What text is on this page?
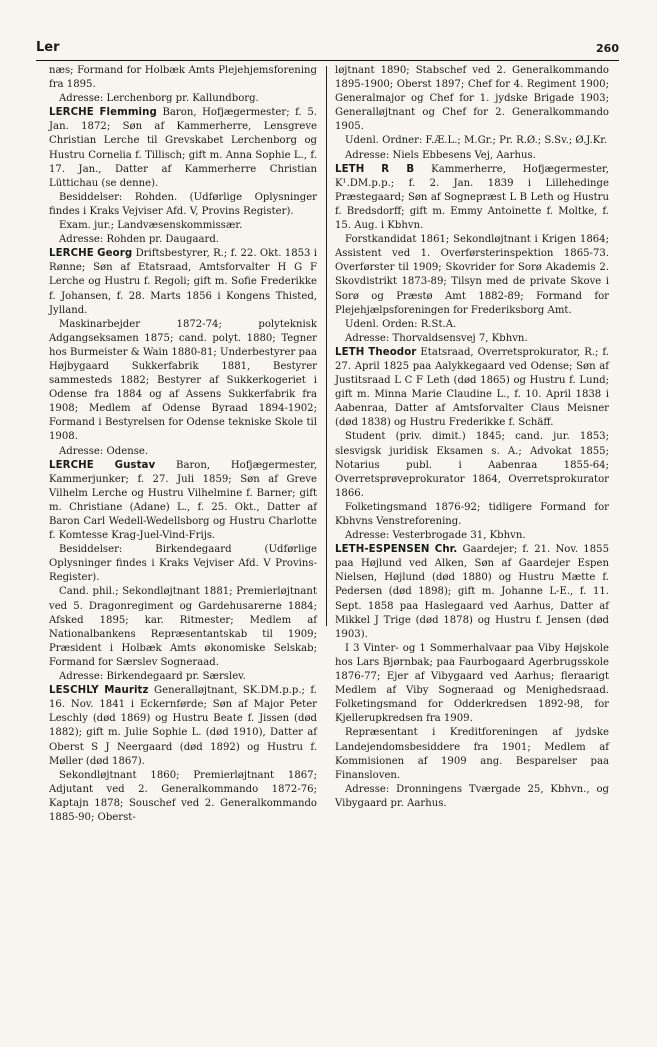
Ler	260

næs; Formand for Holbæk Amts Plejehjemsforening fra 1895.

Adresse: Lerchenborg pr. Kallundborg.

LERCHE Flemming Baron, Hofjægermester; f. 5. Jan. 1872; Søn af Kammerherre, Lensgreve Christian Lerche til Grevskabet Lerchenborg og Hustru Cornelia f. Tillisch; gift m. Anna Sophie L., f. 17. Jan., Datter af Kammerherre Christian Lüttichau (se denne).

Besiddelser: Rohden. (Udførlige Oplysninger findes i Kraks Vejviser Afd. V, Provins Register).

Exam. jur.; Landvæsenskommissær.

Adresse: Rohden pr. Daugaard.

LERCHE Georg Driftsbestyrer, R.; f. 22. Okt. 1853 i Rønne; Søn af Etatsraad, Amtsforvalter H G F Lerche og Hustru f. Regoli; gift m. Sofie Frederikke f. Johansen, f. 28. Marts 1856 i Kongens Thisted, Jylland.

Maskinarbejder 1872-74; polyteknisk Adgangseksamen 1875; cand. polyt. 1880; Tegner hos Burmeister & Wain 1880-81; Underbestyrer paa Højbygaard Sukkerfabrik 1881, Bestyrer sammesteds 1882; Bestyrer af Sukkerkogeriet i Odense fra 1884 og af Assens Sukkerfabrik fra 1908; Medlem af Odense Byraad 1894-1902; Formand i Bestyrelsen for Odense tekniske Skole til 1908.

Adresse: Odense.

LERCHE Gustav Baron, Hofjægermester, Kammerjunker; f. 27. Juli 1859; Søn af Greve Vilhelm Lerche og Hustru Vilhelmine f. Barner; gift m. Christiane (Adane) L., f. 25. Okt., Datter af Baron Carl Wedell-Wedellsborg og Hustru Charlotte f. Komtesse Krag-Juel-Vind-Frijs.

Besiddelser: Birkendegaard (Udførlige Oplysninger findes i Kraks Vejviser Afd. V Provins-Register).

Cand. phil.; Sekondløjtnant 1881; Premierløjtnant ved 5. Dragonregiment og Gardehusarerne 1884; Afsked 1895; kar. Ritmester; Medlem af Nationalbankens Repræsentantskab til 1909; Præsident i Holbæk Amts økonomiske Selskab; Formand for Særslev Sogneraad.

Adresse: Birkendegaard pr. Særslev.

LESCHLY Mauritz Generalløjtnant, SK.DM.p.p.; f. 16. Nov. 1841 i Eckernførde; Søn af Major Peter Leschly (død 1869) og Hustru Beate f. Jissen (død 1882); gift m. Julie Sophie L. (død 1910), Datter af Oberst S J Neergaard (død 1892) og Hustru f. Møller (død 1867).

Sekondløjtnant 1860; Premierløjtnant 1867; Adjutant ved 2. Generalkommando 1872-76; Kaptajn 1878; Souschef ved 2. Generalkommando 1885-90; Oberst-

løjtnant 1890; Stabschef ved 2. Generalkommando 1895-1900; Oberst 1897; Chef for 4. Regiment 1900; Generalmajor og Chef for 1. jydske Brigade 1903; Generalløjtnant og Chef for 2. Generalkommando 1905.

Udenl. Ordner: F.Æ.L.; M.Gr.; Pr. R.Ø.; S.Sv.; Ø.J.Kr.

Adresse: Niels Ebbesens Vej, Aarhus.

LETH R B Kammerherre, Hofjægermester, K¹.DM.p.p.; f. 2. Jan. 1839 i Lillehedinge Præstegaard; Søn af Sognepræst L B Leth og Hustru f. Bredsdorff; gift m. Emmy Antoinette f. Moltke, f. 15. Aug. i Kbhvn.

Forstkandidat 1861; Sekondløjtnant i Krigen 1864; Assistent ved 1. Overførsterinspektion 1865-73. Overførster til 1909; Skovrider for Sorø Akademis 2. Skovdistrikt 1873-89; Tilsyn med de private Skove i Sorø og Præstø Amt 1882-89; Formand for Plejehjælpsforeningen for Frederiksborg Amt.

Udenl. Orden: R.St.A.

Adresse: Thorvaldsensvej 7, Kbhvn.

LETH Theodor Etatsraad, Overretsprokurator, R.; f. 27. April 1825 paa Aalykkegaard ved Odense; Søn af Justitsraad L C F Leth (død 1865) og Hustru f. Lund; gift m. Minna Marie Claudine L., f. 10. April 1838 i Aabenraa, Datter af Amtsforvalter Claus Meisner (død 1838) og Hustru Frederikke f. Schäff.

Student (priv. dimit.) 1845; cand. jur. 1853; slesvigsk juridisk Eksamen s. A.; Advokat 1855; Notarius publ. i Aabenraa 1855-64; Overretsprøveprokurator 1864, Overretsprokurator 1866.

Folketingsmand 1876-92; tidligere Formand for Kbhvns Venstreforening.

Adresse: Vesterbrogade 31, Kbhvn.

LETH-ESPENSEN Chr. Gaardejer; f. 21. Nov. 1855 paa Højlund ved Alken, Søn af Gaardejer Espen Nielsen, Højlund (død 1880) og Hustru Mætte f. Pedersen (død 1898); gift m. Johanne L-E., f. 11. Sept. 1858 paa Haslegaard ved Aarhus, Datter af Mikkel J Trige (død 1878) og Hustru f. Jensen (død 1903).

I 3 Vinter- og 1 Sommerhalvaar paa Viby Højskole hos Lars Bjørnbak; paa Faurbogaard Agerbrugsskole 1876-77; Ejer af Vibygaard ved Aarhus; fleraarigt Medlem af Viby Sogneraad og Menighedsraad. Folketingsmand for Odderkredsen 1892-98, for Kjellerupkredsen fra 1909.

Repræsentant i Kreditforeningen af jydske Landejendomsbesiddere fra 1901; Medlem af Kommisionen af 1909 ang. Besparelser paa Finansloven.

Adresse: Dronningens Tværgade 25, Kbhvn., og Vibygaard pr. Aarhus.
